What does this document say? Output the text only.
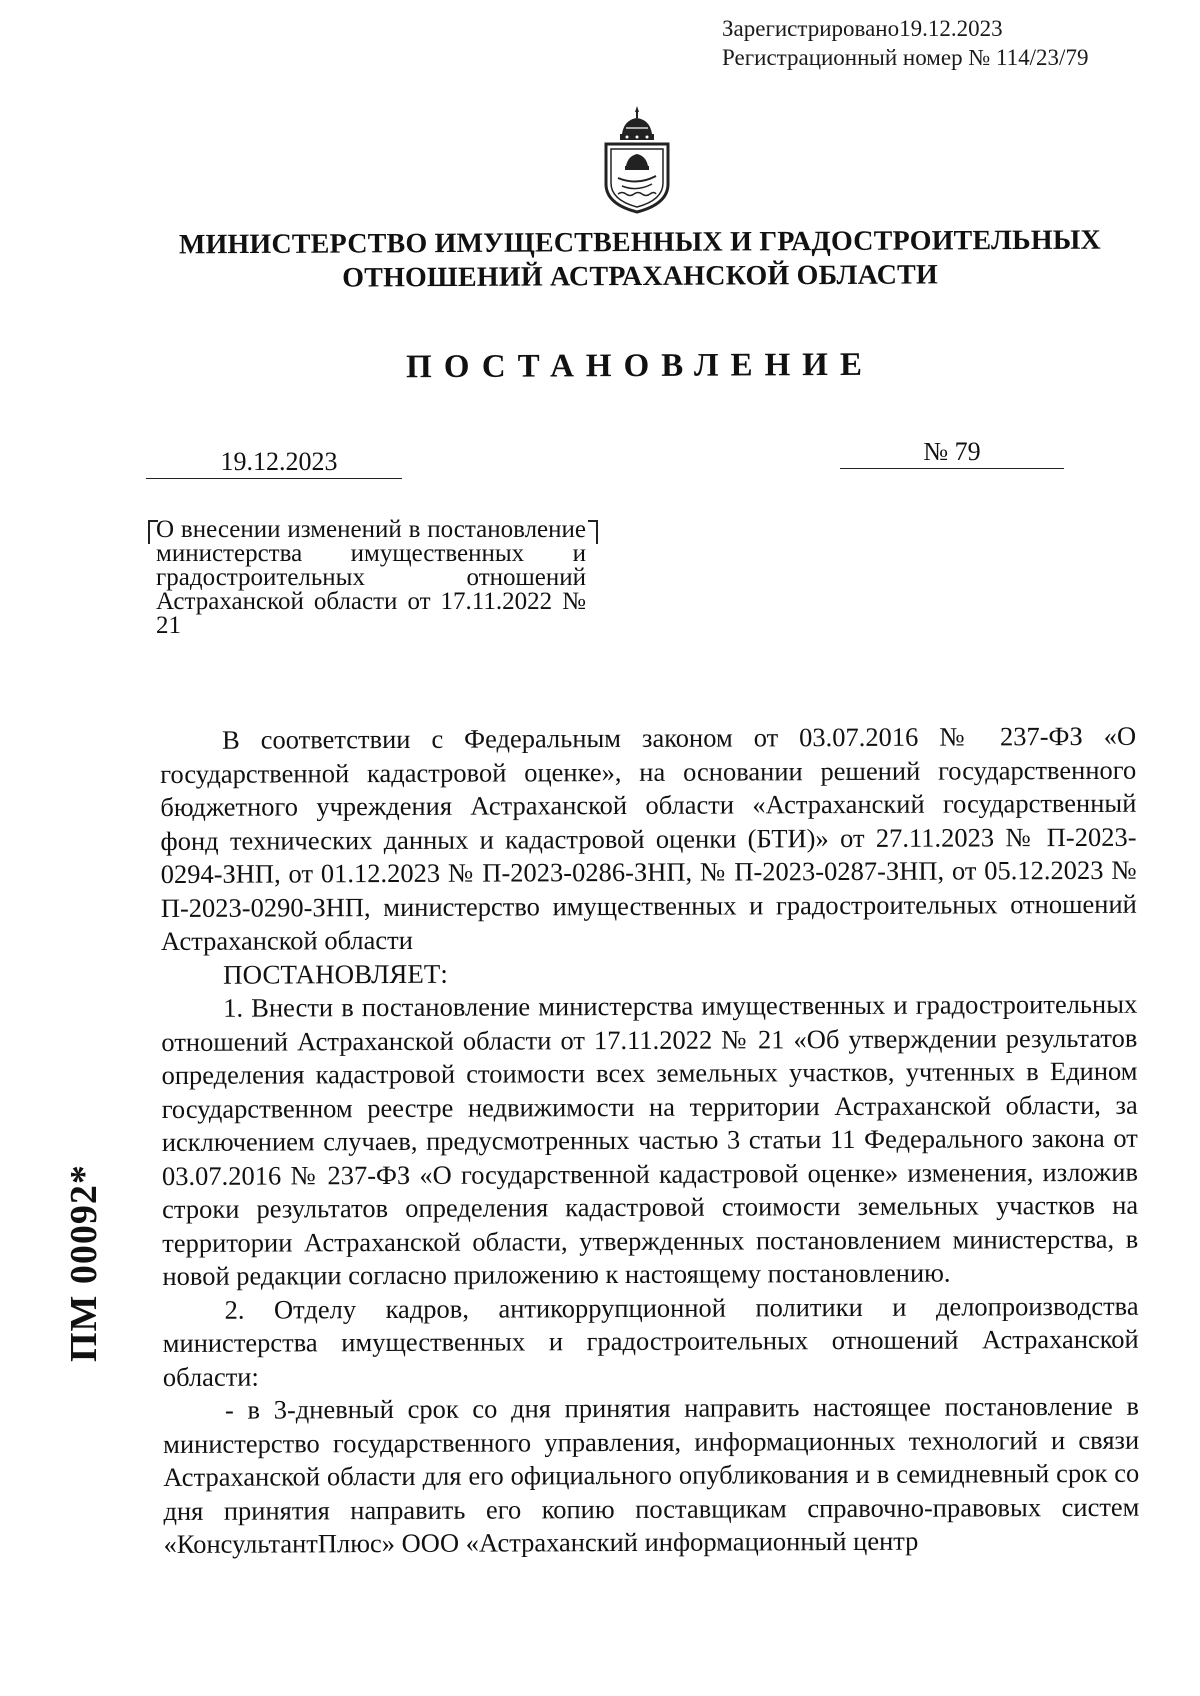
Зарегистрировано19.12.2023
Регистрационный номер № 114/23/79
МИНИСТЕРСТВО ИМУЩЕСТВЕННЫХ И ГРАДОСТРОИТЕЛЬНЫХ
ОТНОШЕНИЙ АСТРАХАНСКОЙ ОБЛАСТИ
ПОСТАНОВЛЕНИЕ
19.12.2023	№ 79
О внесении изменений в постановление министерства имущественных и градостроительных отношений Астраханской области от 17.11.2022 № 21

В соответствии с Федеральным законом от 03.07.2016 № 237-ФЗ «О государственной кадастровой оценке», на основании решений государственного бюджетного учреждения Астраханской области «Астраханский государственный фонд технических данных и кадастровой оценки (БТИ)» от 27.11.2023 № П-2023-0294-ЗНП, от 01.12.2023 № П-2023-0286-ЗНП, № П-2023-0287-ЗНП, от 05.12.2023 № П-2023-0290-ЗНП, министерство имущественных и градостроительных отношений Астраханской области

ПОСТАНОВЛЯЕТ:

1. Внести в постановление министерства имущественных и градостроительных отношений Астраханской области от 17.11.2022 № 21 «Об утверждении результатов определения кадастровой стоимости всех земельных участков, учтенных в Едином государственном реестре недвижимости на территории Астраханской области, за исключением случаев, предусмотренных частью 3 статьи 11 Федерального закона от 03.07.2016 № 237-ФЗ «О государственной кадастровой оценке» изменения, изложив строки результатов определения кадастровой стоимости земельных участков на территории Астраханской области, утвержденных постановлением министерства, в новой редакции согласно приложению к настоящему постановлению.

2. Отделу кадров, антикоррупционной политики и делопроизводства министерства имущественных и градостроительных отношений Астраханской области:

- в 3-дневный срок со дня принятия направить настоящее постановление в министерство государственного управления, информационных технологий и связи Астраханской области для его официального опубликования и в семидневный срок со дня принятия направить его копию поставщикам справочно-правовых систем «КонсультантПлюс» ООО «Астраханский информационный центр

ПМ 00092*
